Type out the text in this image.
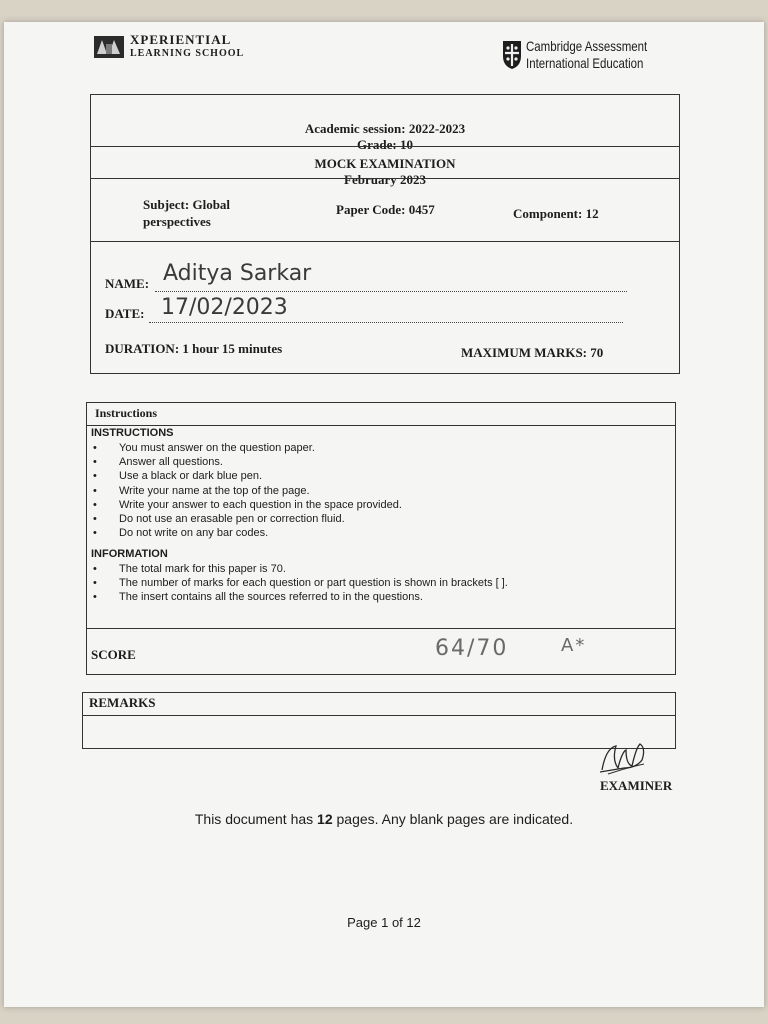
XPERIENTIAL
LEARNING SCHOOL	Cambridge Assessment
International Education
Academic session: 2022-2023
Grade: 10
MOCK EXAMINATION
February 2023
Subject: Global
perspectives
Paper Code: 0457	Component: 12
NAME: Aditya Sarkar
DATE: 17/02/2023
DURATION: 1 hour 15 minutes	MAXIMUM MARKS: 70
Instructions
INSTRUCTIONS
• You must answer on the question paper.
• Answer all questions.
• Use a black or dark blue pen.
• Write your name at the top of the page.
• Write your answer to each question in the space provided.
• Do not use an erasable pen or correction fluid.
• Do not write on any bar codes.
INFORMATION
• The total mark for this paper is 70.
• The number of marks for each question or part question is shown in brackets [ ].
• The insert contains all the sources referred to in the questions.
SCORE	64/70	A*
REMARKS
EXAMINER
This document has 12 pages. Any blank pages are indicated.
Page 1 of 12
